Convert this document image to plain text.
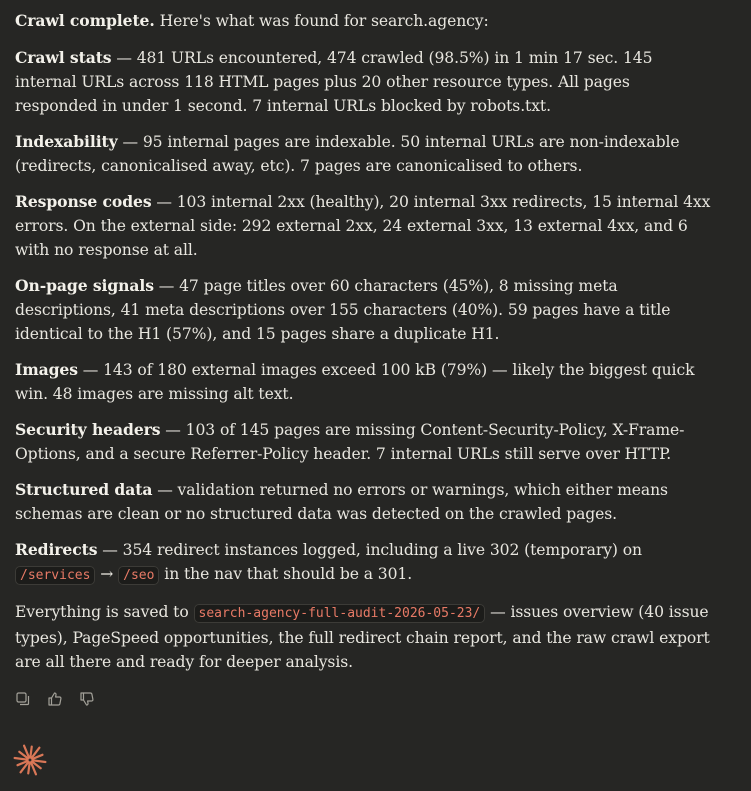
Crawl complete. Here's what was found for search.agency:

Crawl stats — 481 URLs encountered, 474 crawled (98.5%) in 1 min 17 sec. 145 internal URLs across 118 HTML pages plus 20 other resource types. All pages responded in under 1 second. 7 internal URLs blocked by robots.txt.

Indexability — 95 internal pages are indexable. 50 internal URLs are non-indexable (redirects, canonicalised away, etc). 7 pages are canonicalised to others.

Response codes — 103 internal 2xx (healthy), 20 internal 3xx redirects, 15 internal 4xx errors. On the external side: 292 external 2xx, 24 external 3xx, 13 external 4xx, and 6 with no response at all.

On-page signals — 47 page titles over 60 characters (45%), 8 missing meta descriptions, 41 meta descriptions over 155 characters (40%). 59 pages have a title identical to the H1 (57%), and 15 pages share a duplicate H1.

Images — 143 of 180 external images exceed 100 kB (79%) — likely the biggest quick win. 48 images are missing alt text.

Security headers — 103 of 145 pages are missing Content-Security-Policy, X-Frame-Options, and a secure Referrer-Policy header. 7 internal URLs still serve over HTTP.

Structured data — validation returned no errors or warnings, which either means schemas are clean or no structured data was detected on the crawled pages.

Redirects — 354 redirect instances logged, including a live 302 (temporary) on /services → /seo in the nav that should be a 301.

Everything is saved to search-agency-full-audit-2026-05-23/ — issues overview (40 issue types), PageSpeed opportunities, the full redirect chain report, and the raw crawl export are all there and ready for deeper analysis.
